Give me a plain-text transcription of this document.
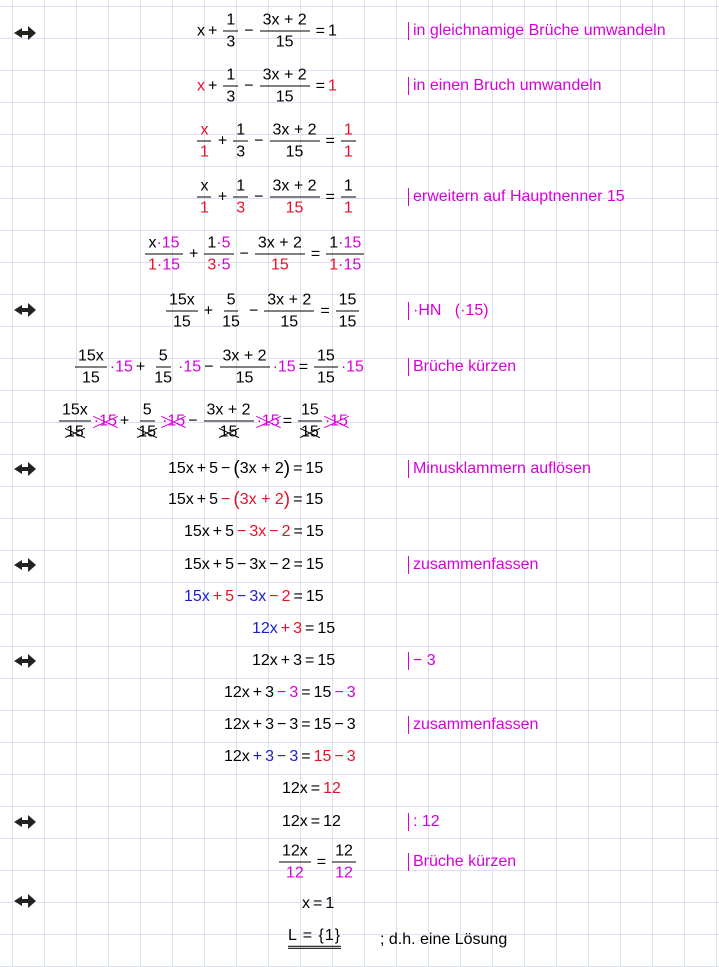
$x + \frac{1}{3} - \frac{3x + 2}{15} = 1$	in gleichnamige Brüche umwandeln
$x + \frac{1}{3} - \frac{3x + 2}{15} = 1$	in einen Bruch umwandeln
x
1
+ $\frac{1}{3} - \frac{3x + 2}{15} = \frac{1}{1}$
x
1
+ $\frac{1}{3} - \frac{3x + 2}{15} = \frac{1}{1}$	erweitern auf Hauptnenner 15
x·15
1·15
+ $\frac{1\cdot 5}{3\cdot 5} - \frac{3x + 2}{15} = \frac{1\cdot 15}{1\cdot 15}$
15x
15
+ $\frac{5}{15} - \frac{3x + 2}{15} = \frac{15}{15}$	·HN   (·15)
15x
15
$\cdot 15 + \frac{5}{15} \cdot 15 - \frac{3x + 2}{15} \cdot 15 = \frac{15}{15} \cdot 15$	Brüche kürzen
15x
15
$\cdot 15 + \frac{5}{15} \cdot 15 - \frac{3x + 2}{15} \cdot 15 = \frac{15}{15} \cdot 15$
15x + 5 − ( 3x + 2 ) = 15	Minusklammern auflösen
15x + 5 − ( 3x + 2 ) = 15
15x + 5 − 3x − 2 = 15
15x + 5 − 3x − 2 = 15	zusammenfassen
15x + 5 − 3x − 2 = 15
12x + 3 = 15
12x + 3 = 15	− 3
12x + 3 − 3 = 15 − 3
12x + 3 − 3 = 15 − 3	zusammenfassen
12x + 3 − 3 = 15 − 3
12x = 12
12x = 12	: 12
$\frac{12x}{12} = \frac{12}{12}$	Brüche kürzen
x = 1
L = {1} ; d.h. eine Lösung
